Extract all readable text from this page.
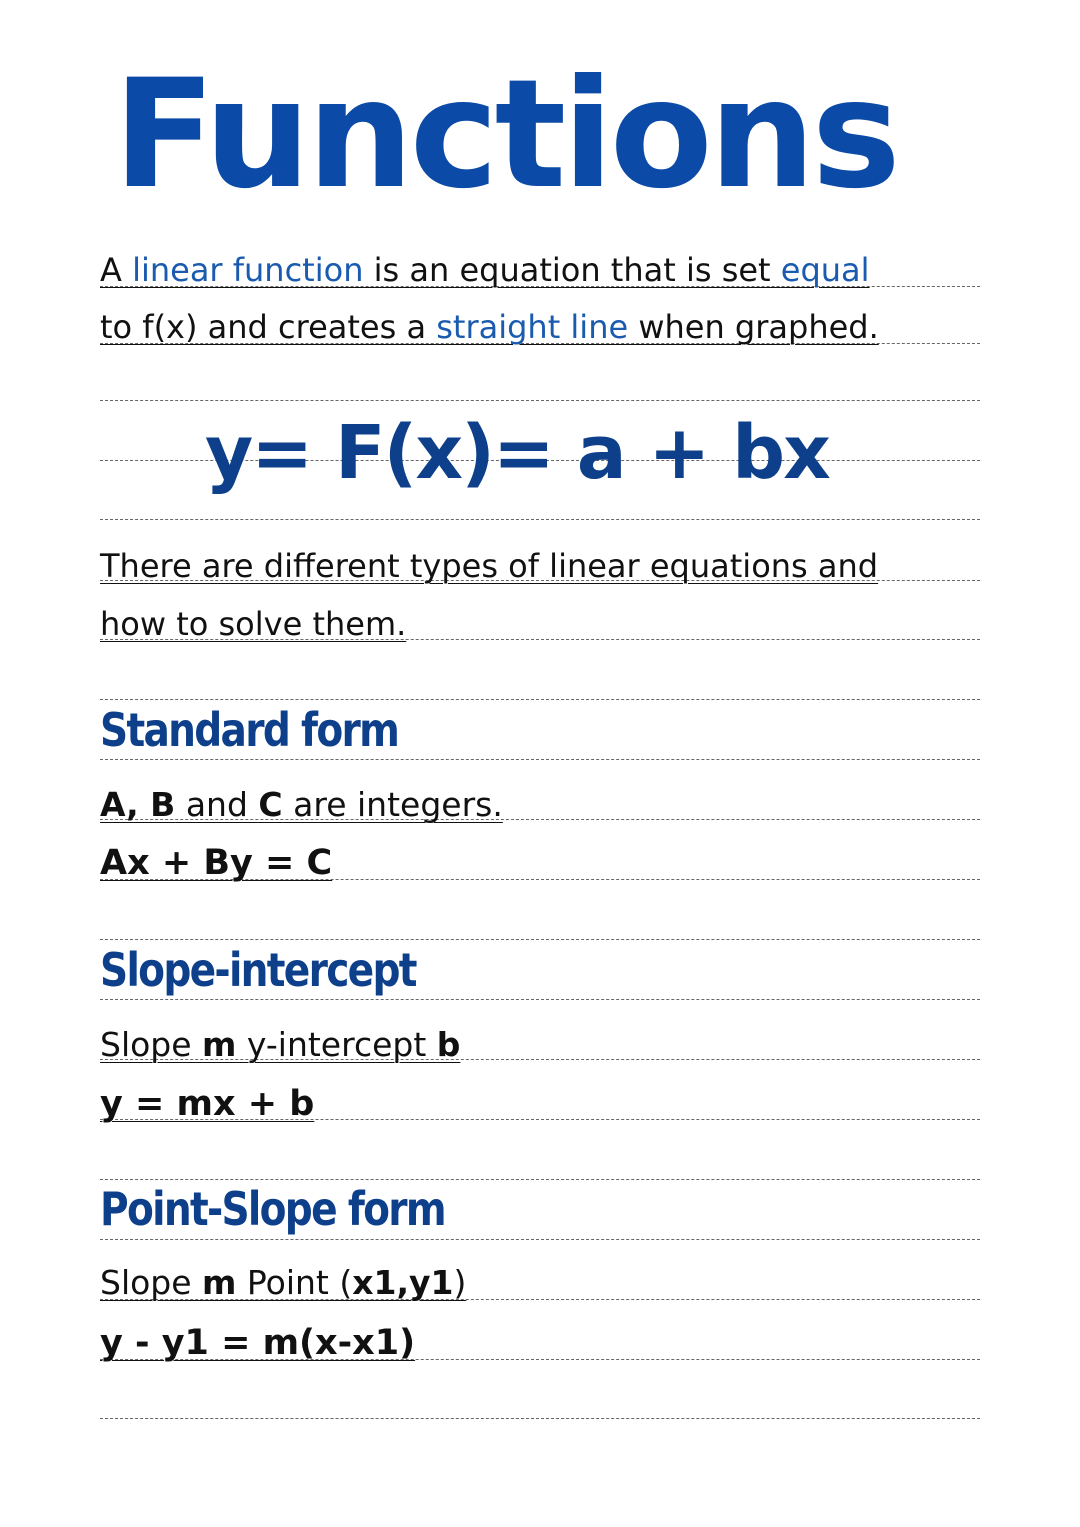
Functions
A linear function is an equation that is set equal
to f(x) and creates a straight line when graphed.
y= F(x)= a + bx
There are different types of linear equations and
how to solve them.
Standard form
A, B and C are integers.
Ax + By = C
Slope-intercept
Slope m y-intercept b
y = mx + b
Point-Slope form
Slope m Point (x1,y1)
y - y1 = m(x-x1)
